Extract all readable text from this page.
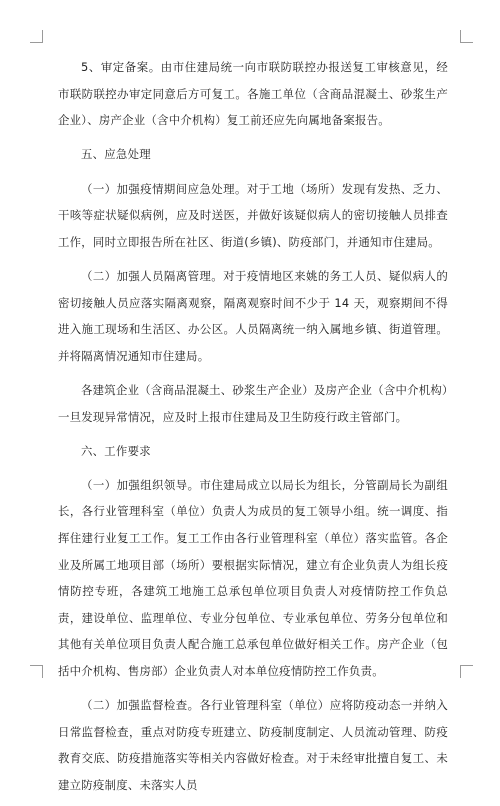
5、审定备案。由市住建局统一向市联防联控办报送复工审核意见，经市联防联控办审定同意后方可复工。各施工单位（含商品混凝土、砂浆生产企业）、房产企业（含中介机构）复工前还应先向属地备案报告。

五、应急处理

（一）加强疫情期间应急处理。对于工地（场所）发现有发热、乏力、干咳等症状疑似病例，应及时送医，并做好该疑似病人的密切接触人员排查工作，同时立即报告所在社区、街道(乡镇)、防疫部门，并通知市住建局。

（二）加强人员隔离管理。对于疫情地区来姚的务工人员、疑似病人的密切接触人员应落实隔离观察，隔离观察时间不少于 14 天，观察期间不得进入施工现场和生活区、办公区。人员隔离统一纳入属地乡镇、街道管理。并将隔离情况通知市住建局。

各建筑企业（含商品混凝土、砂浆生产企业）及房产企业（含中介机构）一旦发现异常情况，应及时上报市住建局及卫生防疫行政主管部门。

六、工作要求

（一）加强组织领导。市住建局成立以局长为组长，分管副局长为副组长，各行业管理科室（单位）负责人为成员的复工领导小组。统一调度、指挥住建行业复工工作。复工工作由各行业管理科室（单位）落实监管。各企业及所属工地项目部（场所）要根据实际情况，建立有企业负责人为组长疫情防控专班，各建筑工地施工总承包单位项目负责人对疫情防控工作负总责，建设单位、监理单位、专业分包单位、专业承包单位、劳务分包单位和其他有关单位项目负责人配合施工总承包单位做好相关工作。房产企业（包括中介机构、售房部）企业负责人对本单位疫情防控工作负责。

（二）加强监督检查。各行业管理科室（单位）应将防疫动态一并纳入日常监督检查，重点对防疫专班建立、防疫制度制定、人员流动管理、防疫教育交底、防疫措施落实等相关内容做好检查。对于未经审批擅自复工、未建立防疫制度、未落实人员
